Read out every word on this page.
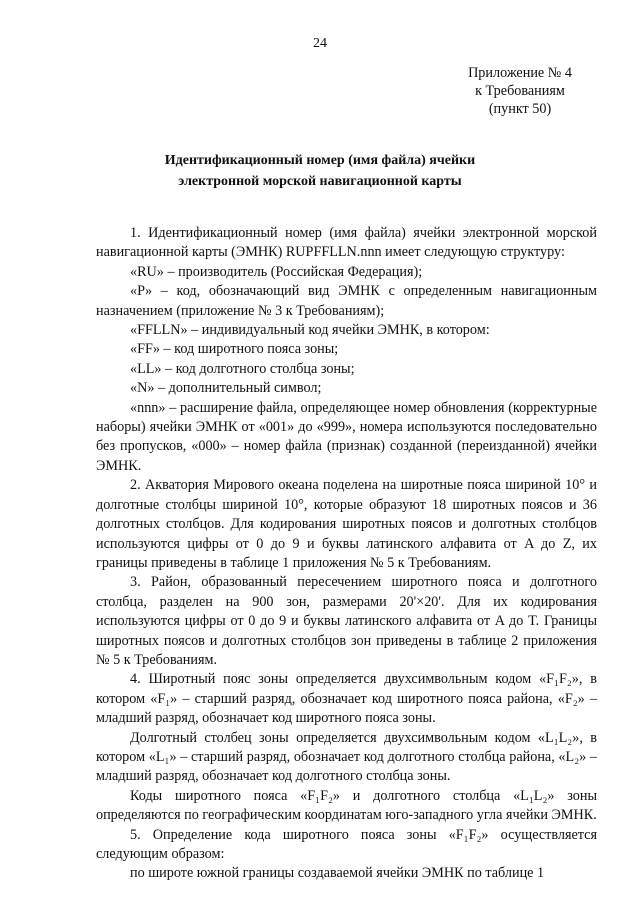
24
Приложение № 4
к Требованиям
(пункт 50)
Идентификационный номер (имя файла) ячейки
электронной морской навигационной карты

1. Идентификационный номер (имя файла) ячейки электронной морской навигационной карты (ЭМНК) RUPFFLLN.nnn имеет следующую структуру:

«RU» – производитель (Российская Федерация);

«P» – код, обозначающий вид ЭМНК с определенным навигационным назначением (приложение № 3 к Требованиям);

«FFLLN» – индивидуальный код ячейки ЭМНК, в котором:

«FF» – код широтного пояса зоны;

«LL» – код долготного столбца зоны;

«N» – дополнительный символ;

«nnn» – расширение файла, определяющее номер обновления (корректурные наборы) ячейки ЭМНК от «001» до «999», номера используются последовательно без пропусков, «000» – номер файла (признак) созданной (переизданной) ячейки ЭМНК.

2. Акватория Мирового океана поделена на широтные пояса шириной 10° и долготные столбцы шириной 10°, которые образуют 18 широтных поясов и 36 долготных столбцов. Для кодирования широтных поясов и долготных столбцов используются цифры от 0 до 9 и буквы латинского алфавита от A до Z, их границы приведены в таблице 1 приложения № 5 к Требованиям.

3. Район, образованный пересечением широтного пояса и долготного столбца, разделен на 900 зон, размерами 20'×20'. Для их кодирования используются цифры от 0 до 9 и буквы латинского алфавита от A до T. Границы широтных поясов и долготных столбцов зон приведены в таблице 2 приложения № 5 к Требованиям.

4. Широтный пояс зоны определяется двухсимвольным кодом «F₁F₂», в котором «F₁» – старший разряд, обозначает код широтного пояса района, «F₂» – младший разряд, обозначает код широтного пояса зоны.

Долготный столбец зоны определяется двухсимвольным кодом «L₁L₂», в котором «L₁» – старший разряд, обозначает код долготного столбца района, «L₂» – младший разряд, обозначает код долготного столбца зоны.

Коды широтного пояса «F₁F₂» и долготного столбца «L₁L₂» зоны определяются по географическим координатам юго-западного угла ячейки ЭМНК.

5. Определение кода широтного пояса зоны «F₁F₂» осуществляется следующим образом:

по широте южной границы создаваемой ячейки ЭМНК по таблице 1
